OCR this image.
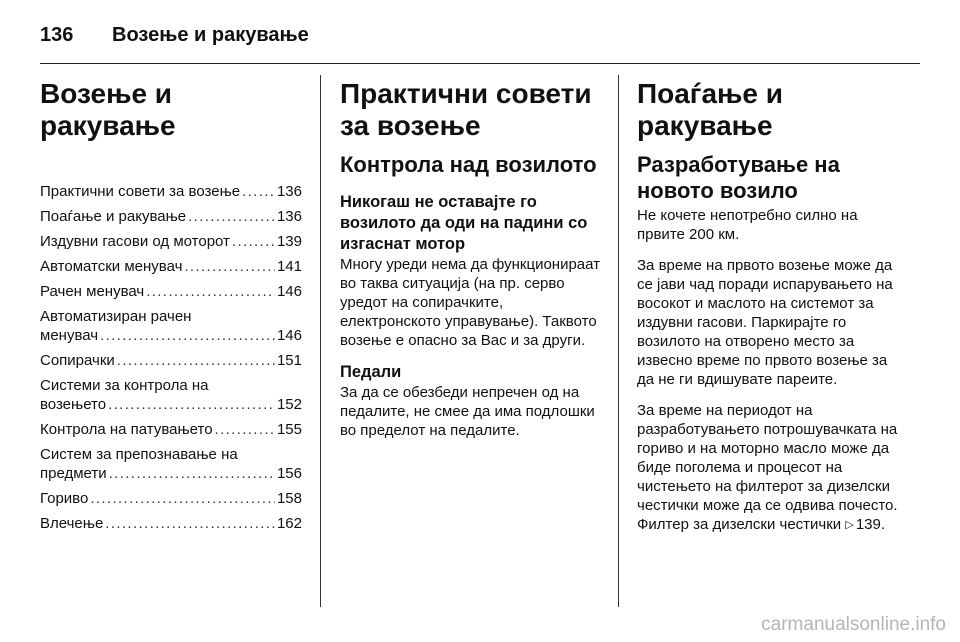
136	Возење и ракување
Возење и ракување
Практични совети за возење . . . 136
Поаѓање и ракување . . .	136
Издувни гасови од моторот . . .	139
Автоматски менувач . . .	141
Рачен менувач . . .	146
Автоматизиран рачен
менувач . . .	146
Сопирачки . . .	151
Системи за контрола на
возењето . . .	152
Контрола на патувањето . . .	155
Систем за препознавање на
предмети . . .	156
Гориво . . .	158
Влечење . . .	162
Практични совети за возење
Контрола над возилото
Никогаш не оставајте го возилото да оди на падини со изгаснат мотор

Многу уреди нема да функционираат во таква ситуација (на пр. серво уредот на сопирачките, електронското управување). Таквото возење е опасно за Вас и за други.

Педали

За да се обезбеди непречен од на педалите, не смее да има подлошки во пределот на педалите.

Поаѓање и ракување
Разработување на новото возило

Не кочете непотребно силно на првите 200 км.

За време на првото возење може да се јави чад поради испарувањето на восокот и маслото на системот за издувни гасови. Паркирајте го возилото на отворено место за извесно време по првото возење за да не ги вдишувате пареите.

За време на периодот на разработувањето потрошувачката на гориво и на моторно масло може да биде поголема и процесот на чистењето на филтерот за дизелски честички може да се одвива почесто. Филтер за дизелски честички ▷ 139.

carmanualsonline.info
